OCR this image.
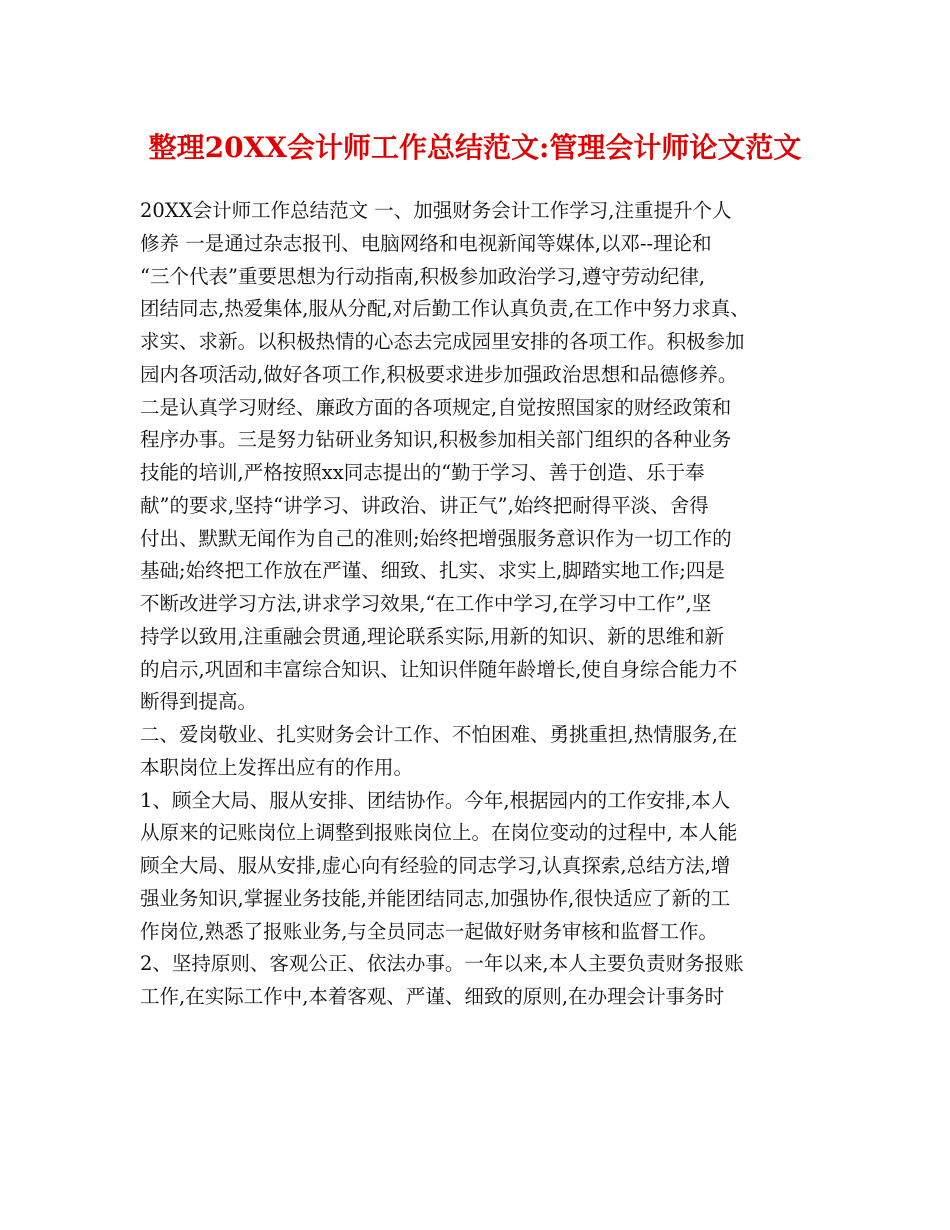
整理20XX会计师工作总结范文:管理会计师论文范文
20XX会计师工作总结范文 一、加强财务会计工作学习,注重提升个人
修养 一是通过杂志报刊、电脑网络和电视新闻等媒体,以邓--理论和
“三个代表”重要思想为行动指南,积极参加政治学习,遵守劳动纪律,
团结同志,热爱集体,服从分配,对后勤工作认真负责,在工作中努力求真、
求实、求新。以积极热情的心态去完成园里安排的各项工作。积极参加
园内各项活动,做好各项工作,积极要求进步加强政治思想和品德修养。
二是认真学习财经、廉政方面的各项规定,自觉按照国家的财经政策和
程序办事。三是努力钻研业务知识,积极参加相关部门组织的各种业务
技能的培训,严格按照xx同志提出的“勤于学习、善于创造、乐于奉
献”的要求,坚持“讲学习、讲政治、讲正气”,始终把耐得平淡、舍得
付出、默默无闻作为自己的准则;始终把增强服务意识作为一切工作的
基础;始终把工作放在严谨、细致、扎实、求实上,脚踏实地工作;四是
不断改进学习方法,讲求学习效果,“在工作中学习,在学习中工作”,坚
持学以致用,注重融会贯通,理论联系实际,用新的知识、新的思维和新
的启示,巩固和丰富综合知识、让知识伴随年龄增长,使自身综合能力不
断得到提高。
二、爱岗敬业、扎实财务会计工作、不怕困难、勇挑重担,热情服务,在
本职岗位上发挥出应有的作用。
1、顾全大局、服从安排、团结协作。今年,根据园内的工作安排,本人
从原来的记账岗位上调整到报账岗位上。在岗位变动的过程中, 本人能
顾全大局、服从安排,虚心向有经验的同志学习,认真探索,总结方法,增
强业务知识,掌握业务技能,并能团结同志,加强协作,很快适应了新的工
作岗位,熟悉了报账业务,与全员同志一起做好财务审核和监督工作。
2、坚持原则、客观公正、依法办事。一年以来,本人主要负责财务报账
工作,在实际工作中,本着客观、严谨、细致的原则,在办理会计事务时
